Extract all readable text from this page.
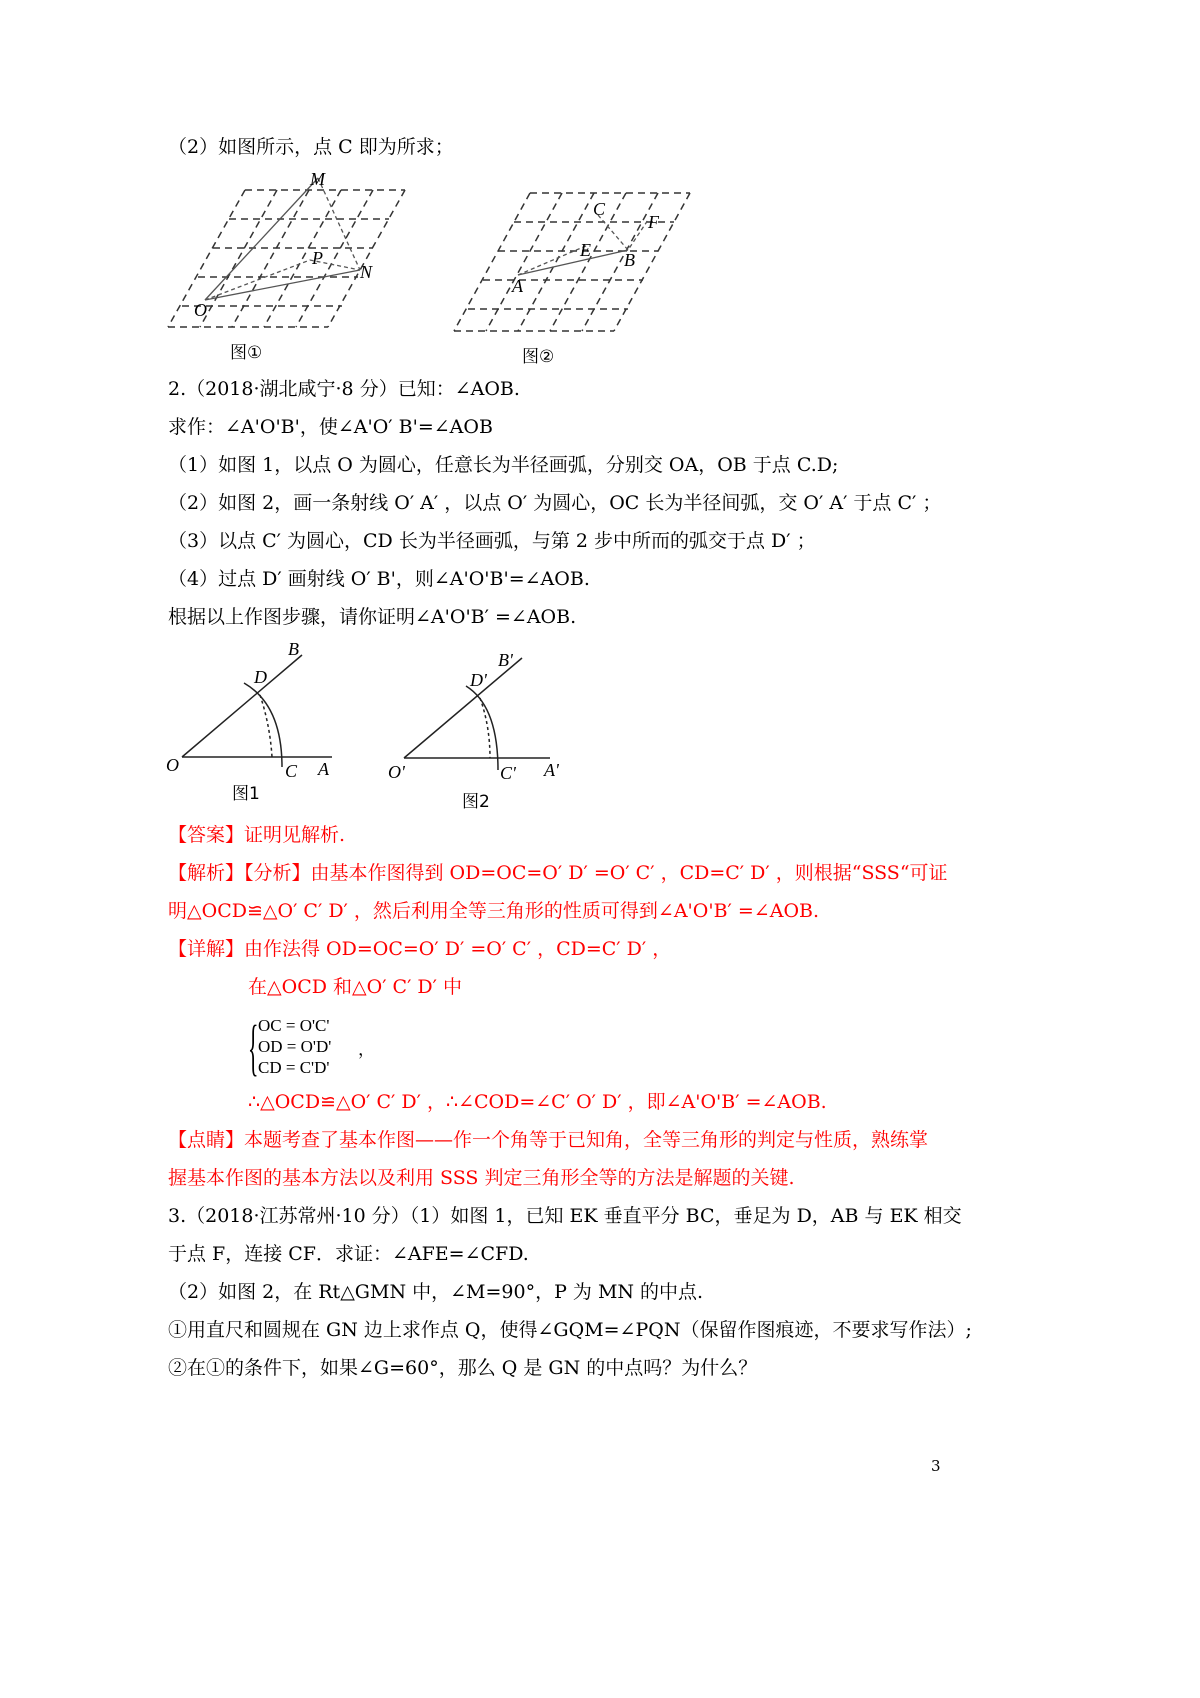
（2）如图所示，点 C 即为所求；
M
P
N
O
图①
C
F
E B
A
图②
2.（2018·湖北咸宁·8 分）已知：∠AOB.
求作：∠A'O'B'，使∠A'O′ B'=∠AOB
（1）如图 1，以点 O 为圆心，任意长为半径画弧，分别交 OA，OB 于点 C.D;
（2）如图 2，画一条射线 O′ A′ ，以点 O′ 为圆心，OC 长为半径间弧，交 O′ A′ 于点 C′ ；
（3）以点 C′ 为圆心，CD 长为半径画弧，与第 2 步中所而的弧交于点 D′ ；
（4）过点 D′ 画射线 O′ B'，则∠A'O'B'=∠AOB.
根据以上作图步骤，请你证明∠A'O'B′ =∠AOB.
B
D
O	C A
图1
B'
D'
O'	C' A'
图2
【答案】证明见解析.
【解析】【分析】由基本作图得到 OD=OC=O′ D′ =O′ C′ ，CD=C′ D′ ，则根据“SSS“可证
明△OCD≌△O′ C′ D′ ，然后利用全等三角形的性质可得到∠A'O'B′ =∠AOB.
【详解】由作法得 OD=OC=O′ D′ =O′ C′ ，CD=C′ D′ ，
在△OCD 和△O′ C′ D′ 中
{ OC = O'C'
OD = O'D'
CD = C'D'
，
∴△OCD≌△O′ C′ D′ ，∴∠COD=∠C′ O′ D′ ，即∠A'O'B′ =∠AOB.
【点睛】本题考查了基本作图——作一个角等于已知角，全等三角形的判定与性质，熟练掌
握基本作图的基本方法以及利用 SSS 判定三角形全等的方法是解题的关键.
3.（2018·江苏常州·10 分）（1）如图 1，已知 EK 垂直平分 BC，垂足为 D，AB 与 EK 相交
于点 F，连接 CF．求证：∠AFE=∠CFD.
（2）如图 2，在 Rt△GMN 中，∠M=90°，P 为 MN 的中点.
①用直尺和圆规在 GN 边上求作点 Q，使得∠GQM=∠PQN（保留作图痕迹，不要求写作法）;
②在①的条件下，如果∠G=60°，那么 Q 是 GN 的中点吗？为什么？
3
